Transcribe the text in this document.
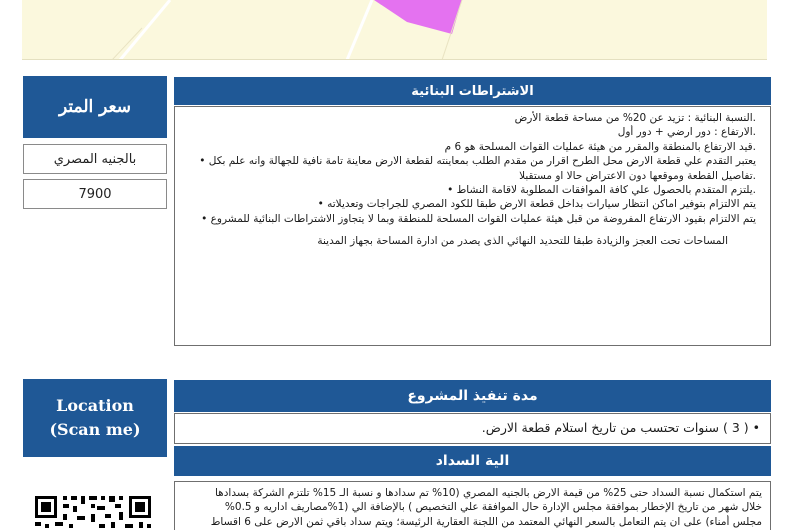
سعر المتر
بالجنيه المصري
7900
Location
(Scan me)
الاشتراطات البنائية

.النسبة البنائية : تزيد عن 20% من مساحة قطعة الأرض

.الارتفاع : دور ارضي + دور أول

.قيد الارتفاع بالمنطقة والمقرر من هيئة عمليات القوات المسلحة هو 6 م

يعتبر التقدم علي قطعة الارض محل الطرح اقرار من مقدم الطلب بمعاينته لقطعة الارض معاينة تامة نافية للجهالة وانه علم بكل •

.تفاصيل القطعة وموقعها دون الاعتراض حالا او مستقبلا

.يلتزم المتقدم بالحصول علي كافة الموافقات المطلوبة لاقامة النشاط •

يتم الالتزام بتوفير اماكن انتظار سيارات بداخل قطعة الارض طبقا للكود المصري للجراجات وتعديلاته •

يتم الالتزام بقيود الارتفاع المفروضة من قبل هيئة عمليات القوات المسلحة للمنطقة وبما لا يتجاوز الاشتراطات البنائية للمشروع •

المساحات تحت العجز والزيادة طبقا للتحديد النهائي الذى يصدر من ادارة المساحة بجهاز المدينة

مدة تنفيذ المشروع
• ( 3 ) سنوات تحتسب من تاريخ استلام قطعة الارض.
الية السداد

يتم استكمال نسبة السداد حتى 25% من قيمة الارض بالجنيه المصري (10% تم سدادها و نسبة الـ 15% تلتزم الشركة بسدادها

خلال شهر من تاريخ الإخطار بموافقة مجلس الإدارة حال الموافقة علي التخصيص ) بالإضافة الي (1%مصاريف اداريه و 0.5%

مجلس أمناء) على ان يتم التعامل بالسعر النهائي المعتمد من اللجنة العقارية الرئيسة؛ ويتم سداد باقي ثمن الارض على 6 اقساط
